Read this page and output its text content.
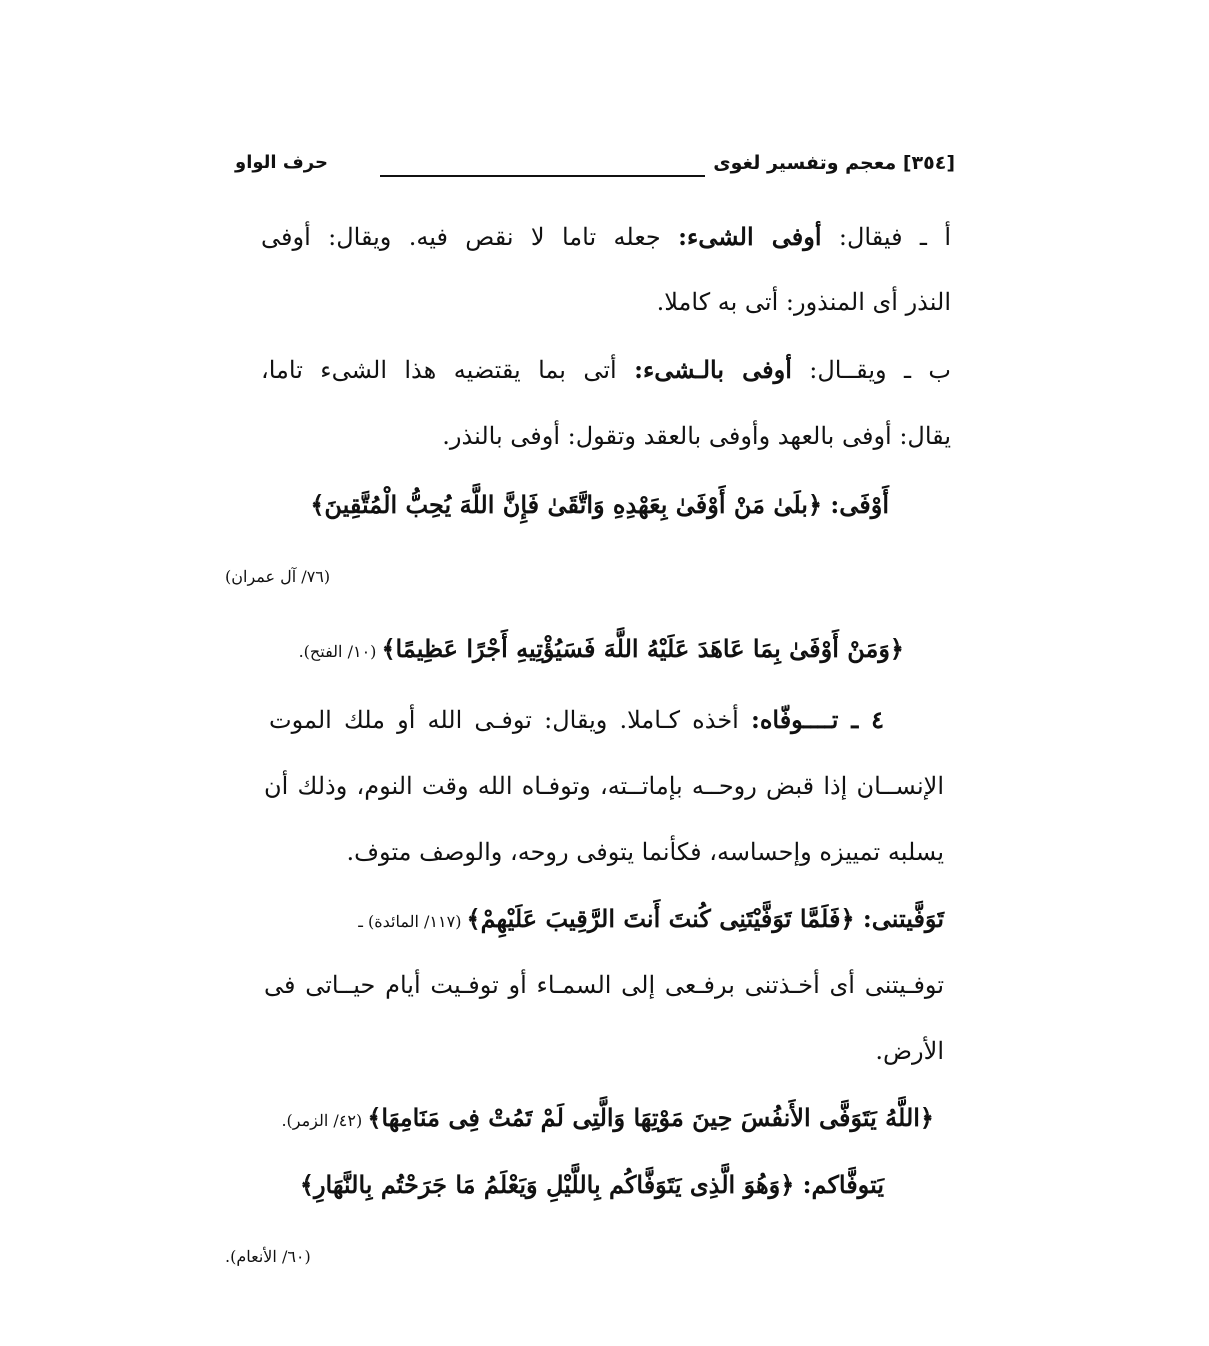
[٣٥٤] معجم وتفسير لغوى
حرف الواو
أ ـ فيقال: أوفى الشىء: جعله تاما لا نقص فيه. ويقال: أوفى
النذر أى المنذور: أتى به كاملا.
ب ـ ويقــال: أوفى بالـشىء: أتى بما يقتضيه هذا الشىء تاما،
يقال: أوفى بالعهد وأوفى بالعقد وتقول: أوفى بالنذر.
أَوْفَى: ﴿بلَىٰ مَنْ أَوْفَىٰ بِعَهْدِهِ وَاتَّقَىٰ فَإِنَّ اللَّهَ يُحِبُّ الْمُتَّقِينَ﴾
(٧٦/ آل عمران)
﴿وَمَنْ أَوْفَىٰ بِمَا عَاهَدَ عَلَيْهُ اللَّهَ فَسَيُؤْتِيهِ أَجْرًا عَظِيمًا﴾ (١٠/ الفتح).
٤ ـ تــــوفّاه: أخذه كـاملا. ويقال: توفـى الله أو ملك الموت
الإنســان إذا قبض روحــه بإماتــته، وتوفـاه الله وقت النوم، وذلك أن
يسلبه تمييزه وإحساسه، فكأنما يتوفى روحه، والوصف متوف.
تَوَفَّيتنى: ﴿فَلَمَّا تَوَفَّيْتَنِى كُنتَ أَنتَ الرَّقِيبَ عَلَيْهِمْ﴾ (١١٧/ المائدة) ـ
توفـيتنى أى أخـذتنى برفـعى إلى السمـاء أو توفـيت أيام حيــاتى فى
الأرض.
﴿اللَّهُ يَتَوَفَّى الأَنفُسَ حِينَ مَوْتِهَا وَالَّتِى لَمْ تَمُتْ فِى مَنَامِهَا﴾ (٤٢/ الزمر).
يَتوفَّاكم: ﴿وَهُوَ الَّذِى يَتَوَفَّاكُم بِاللَّيْلِ وَيَعْلَمُ مَا جَرَحْتُم بِالنَّهَارِ﴾
(٦٠/ الأنعام).
